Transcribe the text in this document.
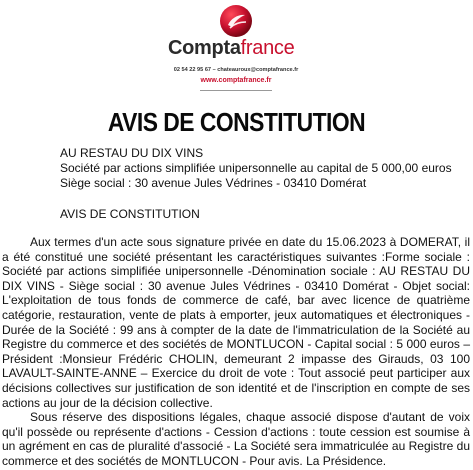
Comptafrance
02 54 22 95 67 – chateauroux@comptafrance.fr
www.comptafrance.fr
AVIS DE CONSTITUTION
AU RESTAU DU DIX VINS
Société par actions simplifiée unipersonnelle au capital de 5 000,00 euros
Siège social : 30 avenue Jules Védrines - 03410 Domérat
AVIS DE CONSTITUTION

Aux termes d'un acte sous signature privée en date du 15.06.2023 à DOMERAT, il a été constitué une société présentant les caractéristiques suivantes :Forme sociale : Société par actions simplifiée unipersonnelle -Dénomination sociale : AU RESTAU DU DIX VINS - Siège social : 30 avenue Jules Védrines - 03410 Domérat - Objet social: L'exploitation de tous fonds de commerce de café, bar avec licence de quatrième catégorie, restauration, vente de plats à emporter, jeux automatiques et électroniques - Durée de la Société : 99 ans à compter de la date de l'immatriculation de la Société au Registre du commerce et des sociétés de MONTLUCON - Capital social : 5 000 euros – Président :Monsieur Frédéric CHOLIN, demeurant 2 impasse des Girauds, 03 100 LAVAULT-SAINTE-ANNE – Exercice du droit de vote : Tout associé peut participer aux décisions collectives sur justification de son identité et de l'inscription en compte de ses actions au jour de la décision collective.

Sous réserve des dispositions légales, chaque associé dispose d'autant de voix qu'il possède ou représente d'actions - Cession d'actions : toute cession est soumise à un agrément en cas de pluralité d'associé - La Société sera immatriculée au Registre du commerce et des sociétés de MONTLUCON - Pour avis. La Présidence.
